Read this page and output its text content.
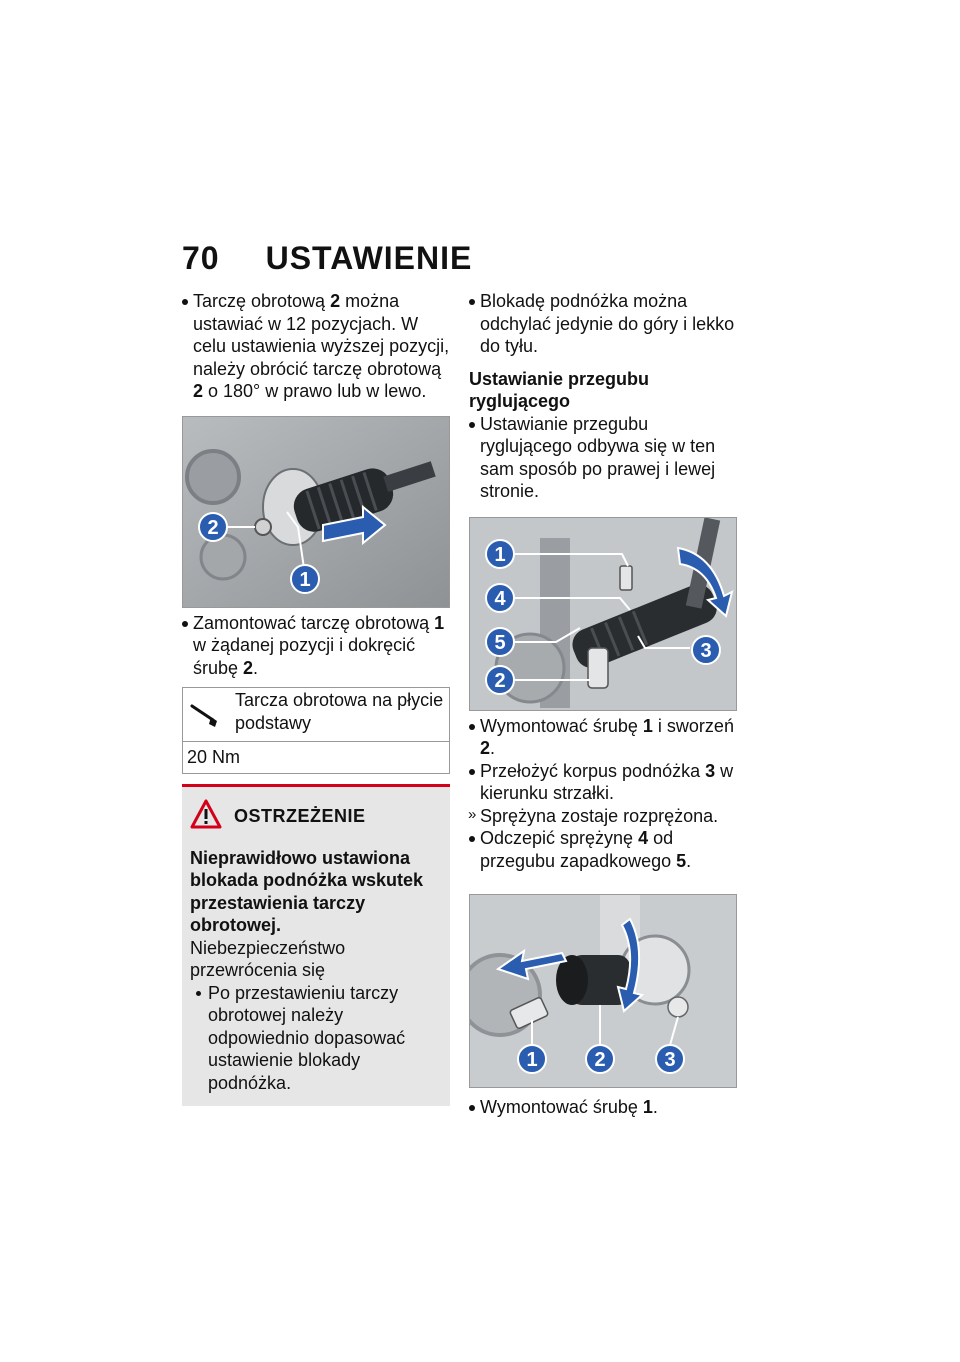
70 USTAWIENIE
Tarczę obrotową 2 można ustawiać w 12 pozycjach. W celu ustawienia wyższej pozycji, należy obrócić tarczę obrotową 2 o 180° w prawo lub w lewo.
2
1
Zamontować tarczę obrotową 1 w żądanej pozycji i dokręcić śrubę 2.
Tarcza obrotowa na płycie podstawy
20 Nm
OSTRZEŻENIE
Nieprawidłowo ustawiona blokada podnóżka wskutek przestawienia tarczy obrotowej.
Niebezpieczeństwo przewrócenia się
Po przestawieniu tarczy obrotowej należy odpowiednio dopasować ustawienie blokady podnóżka.
Blokadę podnóżka można odchylać jedynie do góry i lekko do tyłu.
Ustawianie przegubu ryglującego
Ustawianie przegubu ryglującego odbywa się w ten sam sposób po prawej i lewej stronie.
1
4
5
2
3
Wymontować śrubę 1 i sworzeń 2.
Przełożyć korpus podnóżka 3 w kierunku strzałki.
» Sprężyna zostaje rozprężona.
Odczepić sprężynę 4 od przegubu zapadkowego 5.
1	2	3
Wymontować śrubę 1.
